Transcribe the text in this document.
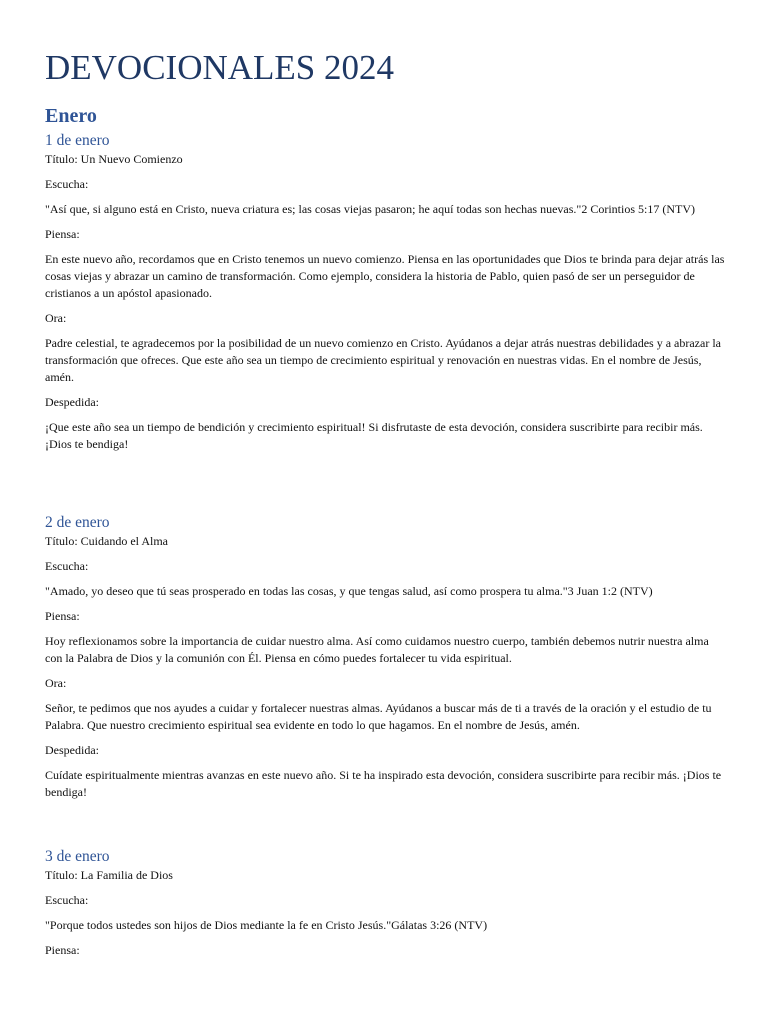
DEVOCIONALES 2024
Enero
1 de enero

Título: Un Nuevo Comienzo

Escucha:

"Así que, si alguno está en Cristo, nueva criatura es; las cosas viejas pasaron; he aquí todas son hechas nuevas."2 Corintios 5:17 (NTV)

Piensa:

En este nuevo año, recordamos que en Cristo tenemos un nuevo comienzo. Piensa en las oportunidades que Dios te brinda para dejar atrás las cosas viejas y abrazar un camino de transformación. Como ejemplo, considera la historia de Pablo, quien pasó de ser un perseguidor de cristianos a un apóstol apasionado.

Ora:

Padre celestial, te agradecemos por la posibilidad de un nuevo comienzo en Cristo. Ayúdanos a dejar atrás nuestras debilidades y a abrazar la transformación que ofreces. Que este año sea un tiempo de crecimiento espiritual y renovación en nuestras vidas. En el nombre de Jesús, amén.

Despedida:

¡Que este año sea un tiempo de bendición y crecimiento espiritual! Si disfrutaste de esta devoción, considera suscribirte para recibir más. ¡Dios te bendiga!

2 de enero

Título: Cuidando el Alma

Escucha:

"Amado, yo deseo que tú seas prosperado en todas las cosas, y que tengas salud, así como prospera tu alma."3 Juan 1:2 (NTV)

Piensa:

Hoy reflexionamos sobre la importancia de cuidar nuestro alma. Así como cuidamos nuestro cuerpo, también debemos nutrir nuestra alma con la Palabra de Dios y la comunión con Él. Piensa en cómo puedes fortalecer tu vida espiritual.

Ora:

Señor, te pedimos que nos ayudes a cuidar y fortalecer nuestras almas. Ayúdanos a buscar más de ti a través de la oración y el estudio de tu Palabra. Que nuestro crecimiento espiritual sea evidente en todo lo que hagamos. En el nombre de Jesús, amén.

Despedida:

Cuídate espiritualmente mientras avanzas en este nuevo año. Si te ha inspirado esta devoción, considera suscribirte para recibir más. ¡Dios te bendiga!

3 de enero

Título: La Familia de Dios

Escucha:

"Porque todos ustedes son hijos de Dios mediante la fe en Cristo Jesús."Gálatas 3:26 (NTV)

Piensa:
